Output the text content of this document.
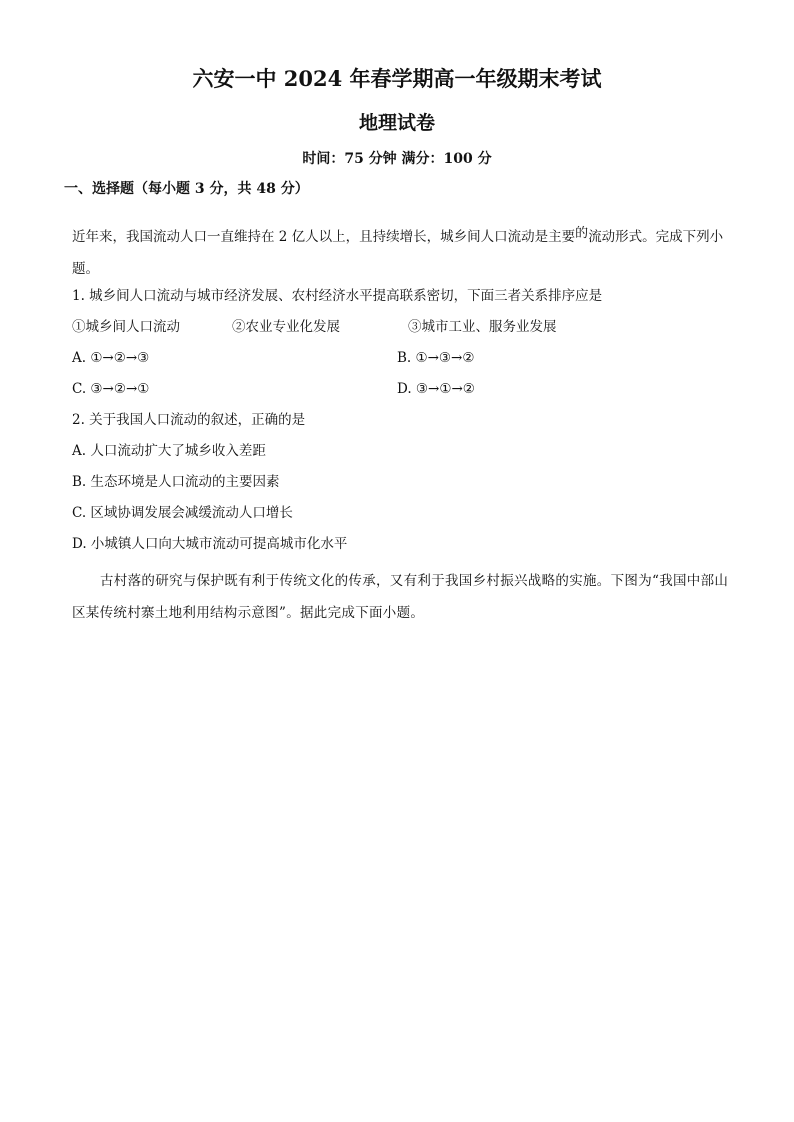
六安一中 2024 年春学期高一年级期末考试
地理试卷
时间：75 分钟 满分：100 分
一、选择题（每小题 3 分，共 48 分）
近年来，我国流动人口一直维持在 2 亿人以上，且持续增长，城乡间人口流动是主要$^的$流动形式。完成下列小题。
1. 城乡间人口流动与城市经济发展、农村经济水平提高联系密切，下面三者关系排序应是
①城乡间人口流动	②农业专业化发展	③城市工业、服务业发展
A. ①→②→③	B. ①→③→②
C. ③→②→①	D. ③→①→②
2. 关于我国人口流动的叙述，正确的是
A. 人口流动扩大了城乡收入差距
B. 生态环境是人口流动的主要因素
C. 区域协调发展会减缓流动人口增长
D. 小城镇人口向大城市流动可提高城市化水平
古村落的研究与保护既有利于传统文化的传承，又有利于我国乡村振兴战略的实施。下图为“我国中部山区某传统村寨土地利用结构示意图”。据此完成下面小题。
